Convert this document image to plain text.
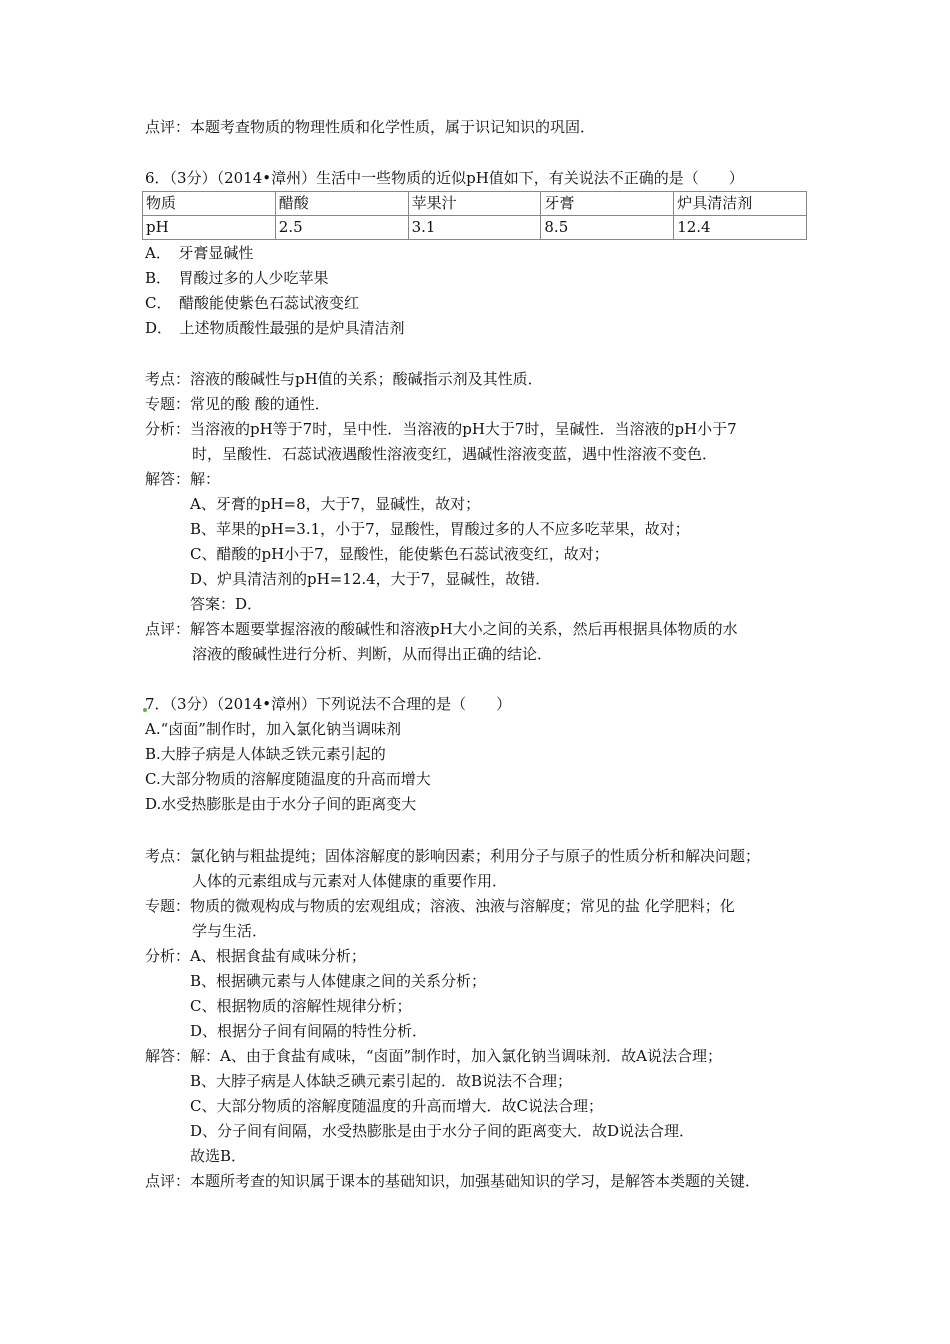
点评：本题考查物质的物理性质和化学性质，属于识记知识的巩固．
6．（3分）（2014•漳州）生活中一些物质的近似pH值如下，有关说法不正确的是（　　）
物质	醋酸	苹果汁	牙膏	炉具清洁剂
pH	2.5	3.1	8.5	12.4
A．　牙膏显碱性
B．　胃酸过多的人少吃苹果
C．　醋酸能使紫色石蕊试液变红
D．　上述物质酸性最强的是炉具清洁剂
考点：溶液的酸碱性与pH值的关系；酸碱指示剂及其性质．
专题：常见的酸 酸的通性．
分析：当溶液的pH等于7时，呈中性．当溶液的pH大于7时，呈碱性．当溶液的pH小于7
时，呈酸性．石蕊试液遇酸性溶液变红，遇碱性溶液变蓝，遇中性溶液不变色．
解答：解：
A、牙膏的pH=8，大于7，显碱性，故对；
B、苹果的pH=3.1，小于7，显酸性，胃酸过多的人不应多吃苹果，故对；
C、醋酸的pH小于7，显酸性，能使紫色石蕊试液变红，故对；
D、炉具清洁剂的pH=12.4，大于7，显碱性，故错．
答案：D．
点评：解答本题要掌握溶液的酸碱性和溶液pH大小之间的关系，然后再根据具体物质的水
溶液的酸碱性进行分析、判断，从而得出正确的结论．
7．（3分）（2014•漳州）下列说法不合理的是（　　）
A.“卤面”制作时，加入氯化钠当调味剂
B.大脖子病是人体缺乏铁元素引起的
C.大部分物质的溶解度随温度的升高而增大
D.水受热膨胀是由于水分子间的距离变大
考点：氯化钠与粗盐提纯；固体溶解度的影响因素；利用分子与原子的性质分析和解决问题；
人体的元素组成与元素对人体健康的重要作用．
专题：物质的微观构成与物质的宏观组成；溶液、浊液与溶解度；常见的盐 化学肥料；化
学与生活．
分析：A、根据食盐有咸味分析；
B、根据碘元素与人体健康之间的关系分析；
C、根据物质的溶解性规律分析；
D、根据分子间有间隔的特性分析．
解答：解：A、由于食盐有咸味，“卤面”制作时，加入氯化钠当调味剂．故A说法合理；
B、大脖子病是人体缺乏碘元素引起的．故B说法不合理；
C、大部分物质的溶解度随温度的升高而增大．故C说法合理；
D、分子间有间隔，水受热膨胀是由于水分子间的距离变大．故D说法合理．
故选B．
点评：本题所考查的知识属于课本的基础知识，加强基础知识的学习，是解答本类题的关键．
